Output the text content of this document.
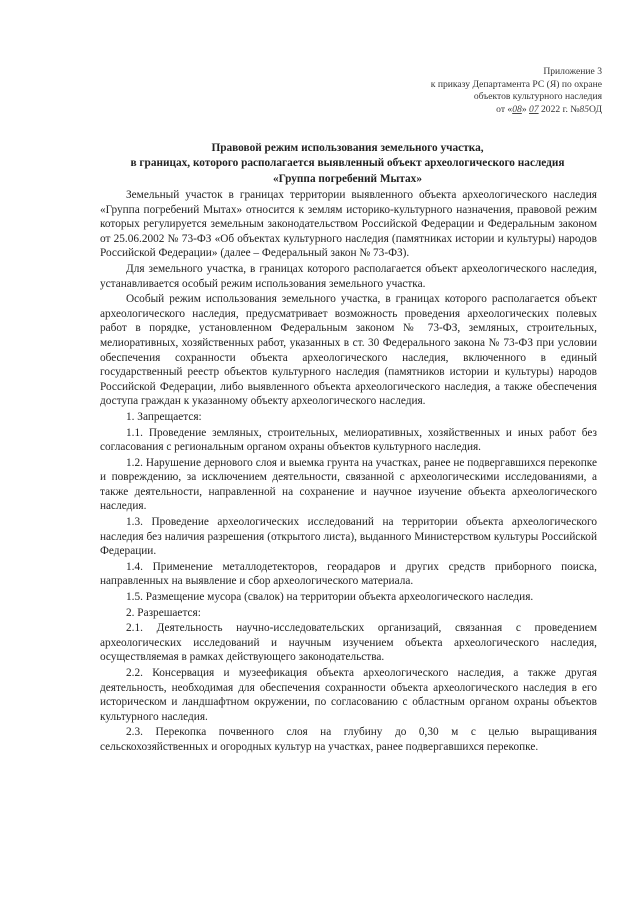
Приложение 3
к приказу Департамента РС (Я) по охране
объектов культурного наследия
от «08» 07 2022 г. №85ОД
Правовой режим использования земельного участка,
в границах, которого располагается выявленный объект археологического наследия
«Группа погребений Мытах»

Земельный участок в границах территории выявленного объекта археологического наследия «Группа погребений Мытах» относится к землям историко-культурного назначения, правовой режим которых регулируется земельным законодательством Российской Федерации и Федеральным законом от 25.06.2002 № 73-ФЗ «Об объектах культурного наследия (памятниках истории и культуры) народов Российской Федерации» (далее – Федеральный закон № 73-ФЗ).

Для земельного участка, в границах которого располагается объект археологического наследия, устанавливается особый режим использования земельного участка.

Особый режим использования земельного участка, в границах которого располагается объект археологического наследия, предусматривает возможность проведения археологических полевых работ в порядке, установленном Федеральным законом № 73-ФЗ, земляных, строительных, мелиоративных, хозяйственных работ, указанных в ст. 30 Федерального закона № 73-ФЗ при условии обеспечения сохранности объекта археологического наследия, включенного в единый государственный реестр объектов культурного наследия (памятников истории и культуры) народов Российской Федерации, либо выявленного объекта археологического наследия, а также обеспечения доступа граждан к указанному объекту археологического наследия.

1. Запрещается:

1.1. Проведение земляных, строительных, мелиоративных, хозяйственных и иных работ без согласования с региональным органом охраны объектов культурного наследия.

1.2. Нарушение дернового слоя и выемка грунта на участках, ранее не подвергавшихся перекопке и повреждению, за исключением деятельности, связанной с археологическими исследованиями, а также деятельности, направленной на сохранение и научное изучение объекта археологического наследия.

1.3. Проведение археологических исследований на территории объекта археологического наследия без наличия разрешения (открытого листа), выданного Министерством культуры Российской Федерации.

1.4. Применение металлодетекторов, георадаров и других средств приборного поиска, направленных на выявление и сбор археологического материала.

1.5. Размещение мусора (свалок) на территории объекта археологического наследия.

2. Разрешается:

2.1. Деятельность научно-исследовательских организаций, связанная с проведением археологических исследований и научным изучением объекта археологического наследия, осуществляемая в рамках действующего законодательства.

2.2. Консервация и музеефикация объекта археологического наследия, а также другая деятельность, необходимая для обеспечения сохранности объекта археологического наследия в его историческом и ландшафтном окружении, по согласованию с областным органом охраны объектов культурного наследия.

2.3. Перекопка почвенного слоя на глубину до 0,30 м с целью выращивания сельскохозяйственных и огородных культур на участках, ранее подвергавшихся перекопке.
